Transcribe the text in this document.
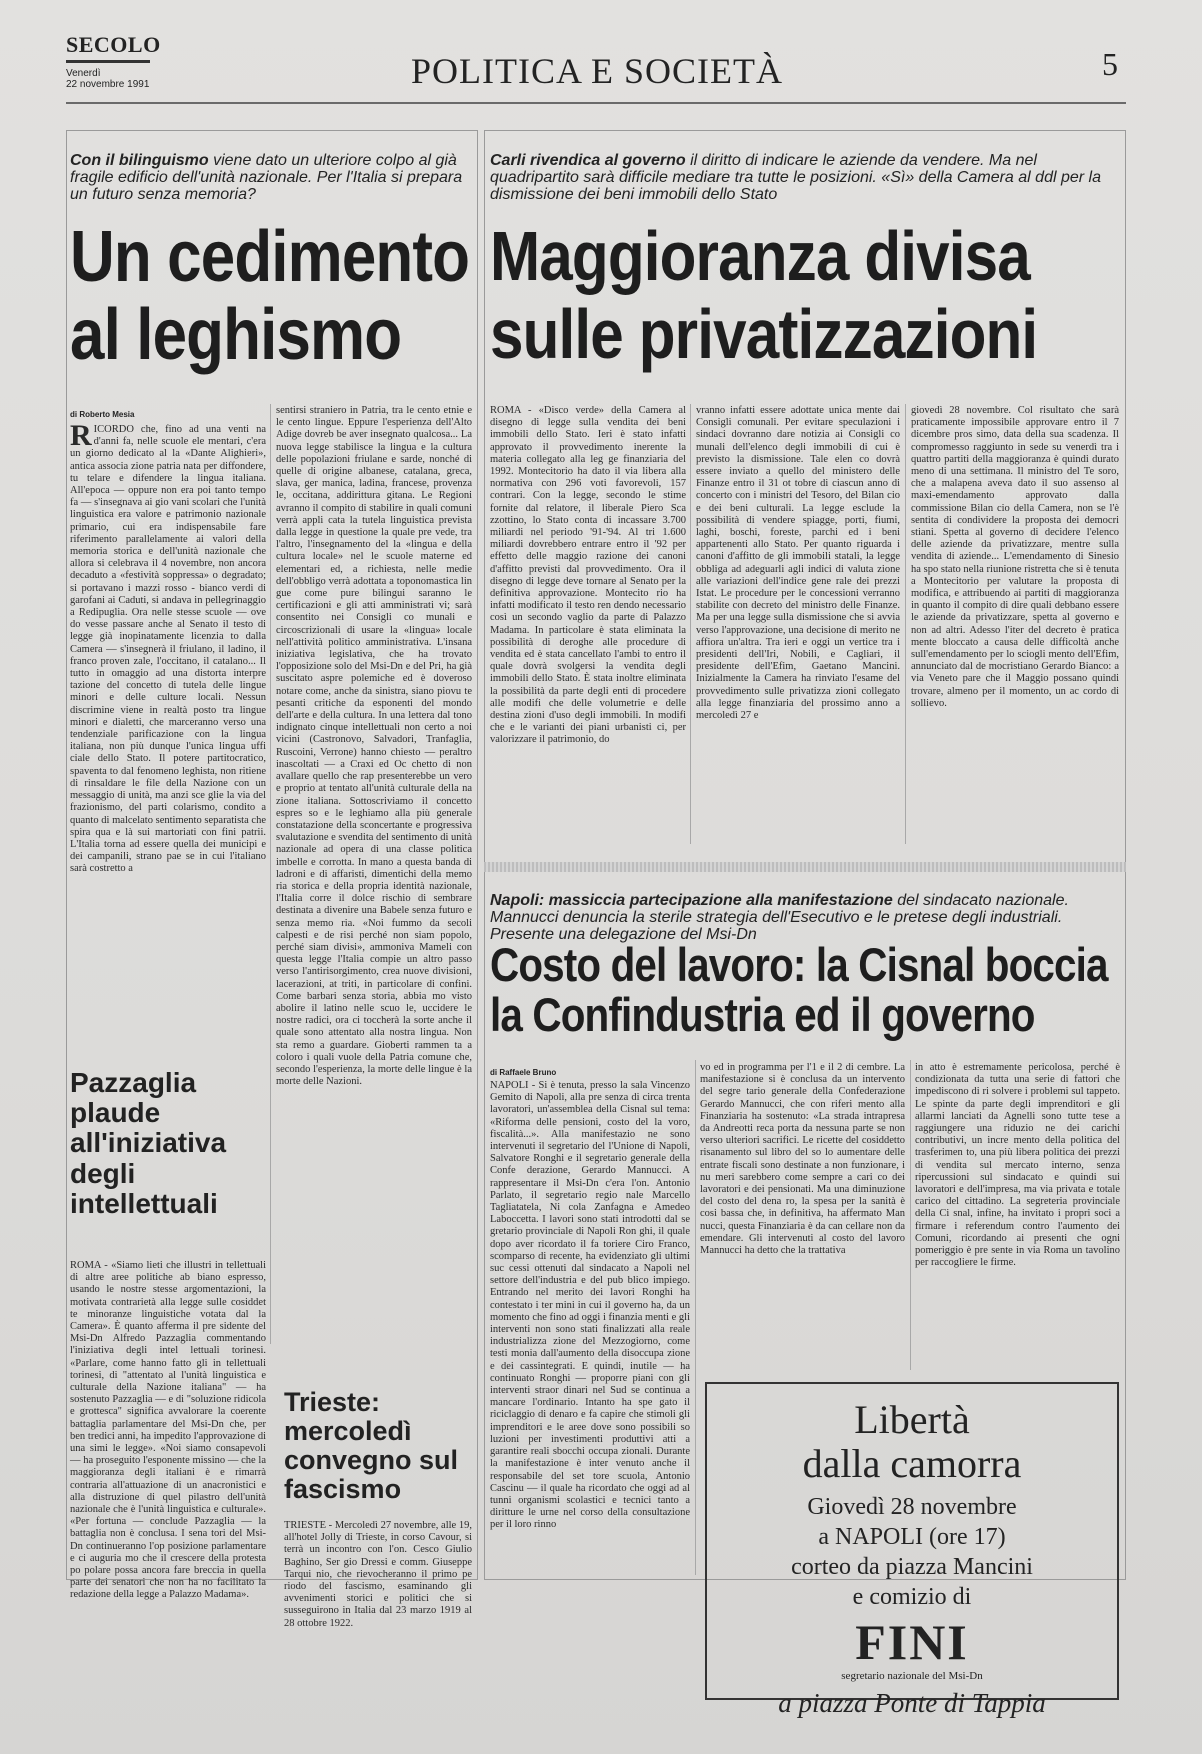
SECOLO
Venerdì
22 novembre 1991	POLITICA E SOCIETÀ	5
Con il bilinguismo viene dato un ulteriore colpo al già fragile edificio dell'unità nazionale. Per l'Italia si prepara un futuro senza memoria?
Un cedimento
al leghismo
di Roberto Mesia
RICORDO che, fino ad una venti na d'anni fa, nelle scuole ele mentari, c'era un giorno dedicato al la «Dante Alighieri», antica associa zione patria nata per diffondere, tu telare e difendere la lingua italiana. All'epoca — oppure non era poi tanto tempo fa — s'insegnava ai gio vani scolari che l'unità linguistica era valore e patrimonio nazionale primario, cui era indispensabile fare riferimento parallelamente ai valori della memoria storica e dell'unità nazionale che allora si celebrava il 4 novembre, non ancora decaduto a «festività soppressa» o degradato; si portavano i mazzi rosso - bianco verdi di garofani ai Caduti, si andava in pellegrinaggio a Redipuglia. Ora nelle stesse scuole — ove do vesse passare anche al Senato il testo di legge già inopinatamente licenzia to dalla Camera — s'insegnerà il friulano, il ladino, il franco proven zale, l'occitano, il catalano... Il tutto in omaggio ad una distorta interpre tazione del concetto di tutela delle lingue minori e delle culture locali. Nessun discrimine viene in realtà posto tra lingue minori e dialetti, che marceranno verso una tendenziale parificazione con la lingua italiana, non più dunque l'unica lingua uffi ciale dello Stato. Il potere partitocratico, spaventa to dal fenomeno leghista, non ritiene di rinsaldare le file della Nazione con un messaggio di unità, ma anzi sce glie la via del frazionismo, del parti colarismo, condito a quanto di malcelato sentimento separatista che spira qua e là sui martoriati con fini patrii. L'Italia torna ad essere quella dei municipi e dei campanili, strano pae se in cui l'italiano sarà costretto a
sentirsi straniero in Patria, tra le cento etnie e le cento lingue. Eppure l'esperienza dell'Alto Adige dovreb be aver insegnato qualcosa... La nuova legge stabilisce la lingua e la cultura delle popolazioni friulane e sarde, nonché di quelle di origine albanese, catalana, greca, slava, ger manica, ladina, francese, provenza le, occitana, addirittura gitana. Le Regioni avranno il compito di stabilire in quali comuni verrà appli cata la tutela linguistica prevista dalla legge in questione la quale pre vede, tra l'altro, l'insegnamento del la «lingua e della cultura locale» nel le scuole materne ed elementari ed, a richiesta, nelle medie dell'obbligo verrà adottata a toponomastica lin gue come pure bilingui saranno le certificazioni e gli atti amministrati vi; sarà consentito nei Consigli co munali e circoscrizionali di usare la «lingua» locale nell'attività politico amministrativa. L'insana iniziativa legislativa, che ha trovato l'opposizione solo del Msi-Dn e del Pri, ha già suscitato aspre polemiche ed è doveroso notare come, anche da sinistra, siano piovu te pesanti critiche da esponenti del mondo dell'arte e della cultura. In una lettera dal tono indignato cinque intellettuali non certo a noi vicini (Castronovo, Salvadori, Tranfaglia, Ruscoini, Verrone) hanno chiesto — peraltro inascoltati — a Craxi ed Oc chetto di non avallare quello che rap presenterebbe un vero e proprio at tentato all'unità culturale della na zione italiana. Sottoscriviamo il concetto espres so e le leghiamo alla più generale constatazione della sconcertante e progressiva svalutazione e svendita del sentimento di unità nazionale ad opera di una classe politica imbelle e corrotta. In mano a questa banda di ladroni e di affaristi, dimentichi della memo ria storica e della propria identità nazionale, l'Italia corre il dolce rischio di sembrare destinata a divenire una Babele senza futuro e senza memo ria. «Noi fummo da secoli calpesti e de risi perché non siam popolo, perché siam divisi», ammoniva Mameli con questa legge l'Italia compie un altro passo verso l'antirisorgimento, crea nuove divisioni, lacerazioni, at triti, in particolare di confini. Come barbari senza storia, abbia mo visto abolire il latino nelle scuo le, uccidere le nostre radici, ora ci toccherà la sorte anche il quale sono attentato alla nostra lingua. Non sta remo a guardare. Gioberti rammen ta a coloro i quali vuole della Patria comune che, secondo l'esperienza, la morte delle lingue è la morte delle Nazioni.
Pazzaglia plaude all'iniziativa degli intellettuali
ROMA - «Siamo lieti che illustri in tellettuali di altre aree politiche ab biano espresso, usando le nostre stesse argomentazioni, la motivata contrarietà alla legge sulle cosiddet te minoranze linguistiche votata dal la Camera». È quanto afferma il pre sidente del Msi-Dn Alfredo Pazzaglia commentando l'iniziativa degli intel lettuali torinesi. «Parlare, come hanno fatto gli in tellettuali torinesi, di "attentato al l'unità linguistica e culturale della Nazione italiana" — ha sostenuto Pazzaglia — e di "soluzione ridicola e grottesca" significa avvalorare la coerente battaglia parlamentare del Msi-Dn che, per ben tredici anni, ha impedito l'approvazione di una simi le legge». «Noi siamo consapevoli — ha proseguito l'esponente missino — che la maggioranza degli italiani è e rimarrà contraria all'attuazione di un anacronistici e alla distruzione di quel pilastro dell'unità nazionale che è l'unità linguistica e culturale». «Per fortuna — conclude Pazzaglia — la battaglia non è conclusa. I sena tori del Msi-Dn continueranno l'op posizione parlamentare e ci auguria mo che il crescere della protesta po polare possa ancora fare breccia in quella parte dei senatori che non ha no facilitato la redazione della legge a Palazzo Madama».
Trieste: mercoledì convegno sul fascismo
TRIESTE - Mercoledì 27 novembre, alle 19, all'hotel Jolly di Trieste, in corso Cavour, si terrà un incontro con l'on. Cesco Giulio Baghino, Ser gio Dressi e comm. Giuseppe Tarqui nio, che rievocheranno il primo pe riodo del fascismo, esaminando gli avvenimenti storici e politici che si susseguirono in Italia dal 23 marzo 1919 al 28 ottobre 1922.
Carli rivendica al governo il diritto di indicare le aziende da vendere. Ma nel quadripartito sarà difficile mediare tra tutte le posizioni. «Sì» della Camera al ddl per la dismissione dei beni immobili dello Stato
Maggioranza divisa
sulle privatizzazioni
ROMA - «Disco verde» della Camera al disegno di legge sulla vendita dei beni immobili dello Stato. Ieri è stato infatti approvato il provvedimento inerente la materia collegato alla leg ge finanziaria del 1992. Montecitorio ha dato il via libera alla normativa con 296 voti favorevoli, 157 contrari. Con la legge, secondo le stime fornite dal relatore, il liberale Piero Sca zzottino, lo Stato conta di incassare 3.700 miliardi nel periodo '91-'94. Al tri 1.600 miliardi dovrebbero entrare entro il '92 per effetto delle maggio razione dei canoni d'affitto previsti dal provvedimento. Ora il disegno di legge deve tornare al Senato per la definitiva approvazione. Montecito rio ha infatti modificato il testo ren dendo necessario così un secondo vaglio da parte di Palazzo Madama. In particolare è stata eliminata la possibilità di deroghe alle procedure di vendita ed è stata cancellato l'ambi to entro il quale dovrà svolgersi la vendita degli immobili dello Stato. È stata inoltre eliminata la possibilità da parte degli enti di procedere alle modifi che delle volumetrie e delle destina zioni d'uso degli immobili. In modifi che e le varianti dei piani urbanisti ci, per valorizzare il patrimonio, do
vranno infatti essere adottate unica mente dai Consigli comunali. Per evitare speculazioni i sindaci dovranno dare notizia ai Consigli co munali dell'elenco degli immobili di cui è previsto la dismissione. Tale elen co dovrà essere inviato a quello del ministero delle Finanze entro il 31 ot tobre di ciascun anno di concerto con i ministri del Tesoro, del Bilan cio e dei beni culturali. La legge esclude la possibilità di vendere spiagge, porti, fiumi, laghi, boschi, foreste, parchi ed i beni appartenenti allo Stato. Per quanto riguarda i canoni d'affitto de gli immobili statali, la legge obbliga ad adeguarli agli indici di valuta zione alle variazioni dell'indice gene rale dei prezzi Istat. Le procedure per le concessioni verranno stabilite con decreto del ministro delle Finanze. Ma per una legge sulla dismissione che si avvia verso l'approvazione, una decisione di merito ne affiora un'altra. Tra ieri e oggi un vertice tra i presidenti dell'Iri, Nobili, e Cagliari, il presidente dell'Efim, Gaetano Mancini. Inizialmente la Camera ha rinviato l'esame del provvedimento sulle privatizza zioni collegato alla legge finanziaria del prossimo anno a mercoledì 27 e
giovedì 28 novembre. Col risultato che sarà praticamente impossibile approvare entro il 7 dicembre pros simo, data della sua scadenza. Il compromesso raggiunto in sede su venerdì tra i quattro partiti della maggioranza è quindi durato meno di una settimana. Il ministro del Te soro, che a malapena aveva dato il suo assenso al maxi-emendamento approvato dalla commissione Bilan cio della Camera, non se l'è sentita di condividere la proposta dei democri stiani. Spetta al governo di decidere l'elenco delle aziende da privatizzare, mentre sulla vendita di aziende... L'emendamento di Sinesio ha spo stato nella riunione ristretta che si è tenuta a Montecitorio per valutare la proposta di modifica, e attribuendo ai partiti di maggioranza in quanto il compito di dire quali debbano essere le aziende da privatizzare, spetta al governo e non ad altri. Adesso l'iter del decreto è pratica mente bloccato a causa delle difficoltà anche sull'emendamento per lo sciogli mento dell'Efim, annunciato dal de mocristiano Gerardo Bianco: a via Veneto pare che il Maggio possano quindi trovare, almeno per il momento, un ac cordo di sollievo.
Napoli: massiccia partecipazione alla manifestazione del sindacato nazionale. Mannucci denuncia la sterile strategia dell'Esecutivo e le pretese degli industriali. Presente una delegazione del Msi-Dn
Costo del lavoro: la Cisnal boccia
la Confindustria ed il governo
di Raffaele Bruno
NAPOLI - Si è tenuta, presso la sala Vincenzo Gemito di Napoli, alla pre senza di circa trenta lavoratori, un'assemblea della Cisnal sul tema: «Riforma delle pensioni, costo del la voro, fiscalità...». Alla manifestazio ne sono intervenuti il segretario del l'Unione di Napoli, Salvatore Ronghi e il segretario generale della Confe derazione, Gerardo Mannucci. A rappresentare il Msi-Dn c'era l'on. Antonio Parlato, il segretario regio nale Marcello Tagliatatela, Ni cola Zanfagna e Amedeo Laboccetta. I lavori sono stati introdotti dal se gretario provinciale di Napoli Ron ghi, il quale dopo aver ricordato il fa toriere Ciro Franco, scomparso di recente, ha evidenziato gli ultimi suc cessi ottenuti dal sindacato a Napoli nel settore dell'industria e del pub blico impiego. Entrando nel merito dei lavori Ronghi ha contestato i ter mini in cui il governo ha, da un momento che fino ad oggi i finanzia menti e gli interventi non sono stati finalizzati alla reale industrializza zione del Mezzogiorno, come testi monia dall'aumento della disoccupa zione e dei cassintegrati. E quindi, inutile — ha continuato Ronghi — proporre piani con gli interventi straor dinari nel Sud se continua a mancare l'ordinario. Intanto ha spe gato il riciclaggio di denaro e fa capire che stimoli gli imprenditori e le aree dove sono possibili so luzioni per investimenti produttivi atti a garantire reali sbocchi occupa zionali. Durante la manifestazione è inter venuto anche il responsabile del set tore scuola, Antonio Cascinu — il quale ha ricordato che oggi ad al tunni organismi scolastici e tecnici tanto a diritture le urne nel corso della consultazione per il loro rinno
vo ed in programma per l'1 e il 2 di cembre. La manifestazione si è conclusa da un intervento del segre tario generale della Confederazione Gerardo Mannucci, che con riferi mento alla Finanziaria ha sostenuto: «La strada intrapresa da Andreotti reca porta da nessuna parte se non verso ulteriori sacrifici. Le ricette del cosiddetto risanamento sul libro del so lo aumentare delle entrate fiscali sono destinate a non funzionare, i nu meri sarebbero come sempre a cari co dei lavoratori e dei pensionati. Ma una diminuzione del costo del dena ro, la spesa per la sanità è cosi bassa che, in definitiva, ha affermato Man nucci, questa Finanziaria è da can cellare non da emendare. Gli intervenuti al costo del lavoro Mannucci ha detto che la trattativa
in atto è estremamente pericolosa, perché è condizionata da tutta una serie di fattori che impediscono di ri solvere i problemi sul tappeto. Le spinte da parte degli imprenditori e gli allarmi lanciati da Agnelli sono tutte tese a raggiungere una riduzio ne dei carichi contributivi, un incre mento della politica del trasferimen to, una più libera politica dei prezzi di vendita sul mercato interno, senza ripercussioni sul sindacato e quindi sui lavoratori e dell'impresa, ma via privata e totale carico del cittadino. La segreteria provinciale della Ci snal, infine, ha invitato i propri soci a firmare i referendum contro l'aumento dei Comuni, ricordando ai presenti che ogni pomeriggio è pre sente in via Roma un tavolino per raccogliere le firme.
Libertà
dalla camorra
Giovedì 28 novembre
a NAPOLI (ore 17)
corteo da piazza Mancini
e comizio di
FINI
segretario nazionale del Msi-Dn
a piazza Ponte di Tappia
